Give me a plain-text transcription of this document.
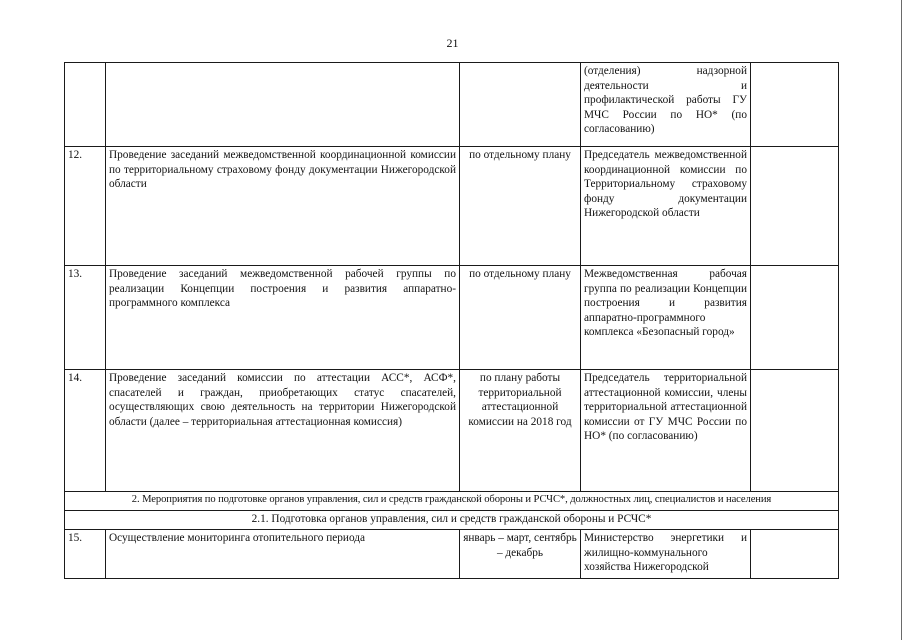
21
			(отделения) надзорной деятельности и профилактической работы ГУ МЧС России по НО* (по согласованию)	
12.	Проведение заседаний межведомственной координационной комиссии по территориальному страховому фонду документации Нижегородской области	по отдельному плану	Председатель межведомственной координационной комиссии по Территориальному страховому фонду документации Нижегородской области	
13.	Проведение заседаний межведомственной рабочей группы по реализации Концепции построения и развития аппаратно-программного комплекса	по отдельному плану	Межведомственная рабочая группа по реализации Концепции построения и развития аппаратно-программного комплекса «Безопасный город»	
14.	Проведение заседаний комиссии по аттестации АСС*, АСФ*, спасателей и граждан, приобретающих статус спасателей, осуществляющих свою деятельность на территории Нижегородской области (далее – территориальная аттестационная комиссия)	по плану работы территориальной аттестационной комиссии на 2018 год	Председатель территориальной аттестационной комиссии, члены территориальной аттестационной комиссии от ГУ МЧС России по НО* (по согласованию)	
2. Мероприятия по подготовке органов управления, сил и средств гражданской обороны и РСЧС*, должностных лиц, специалистов и населения				
2.1. Подготовка органов управления, сил и средств гражданской обороны и РСЧС*				
15.	Осуществление мониторинга отопительного периода	январь – март, сентябрь – декабрь	Министерство энергетики и жилищно-коммунального хозяйства Нижегородской	
